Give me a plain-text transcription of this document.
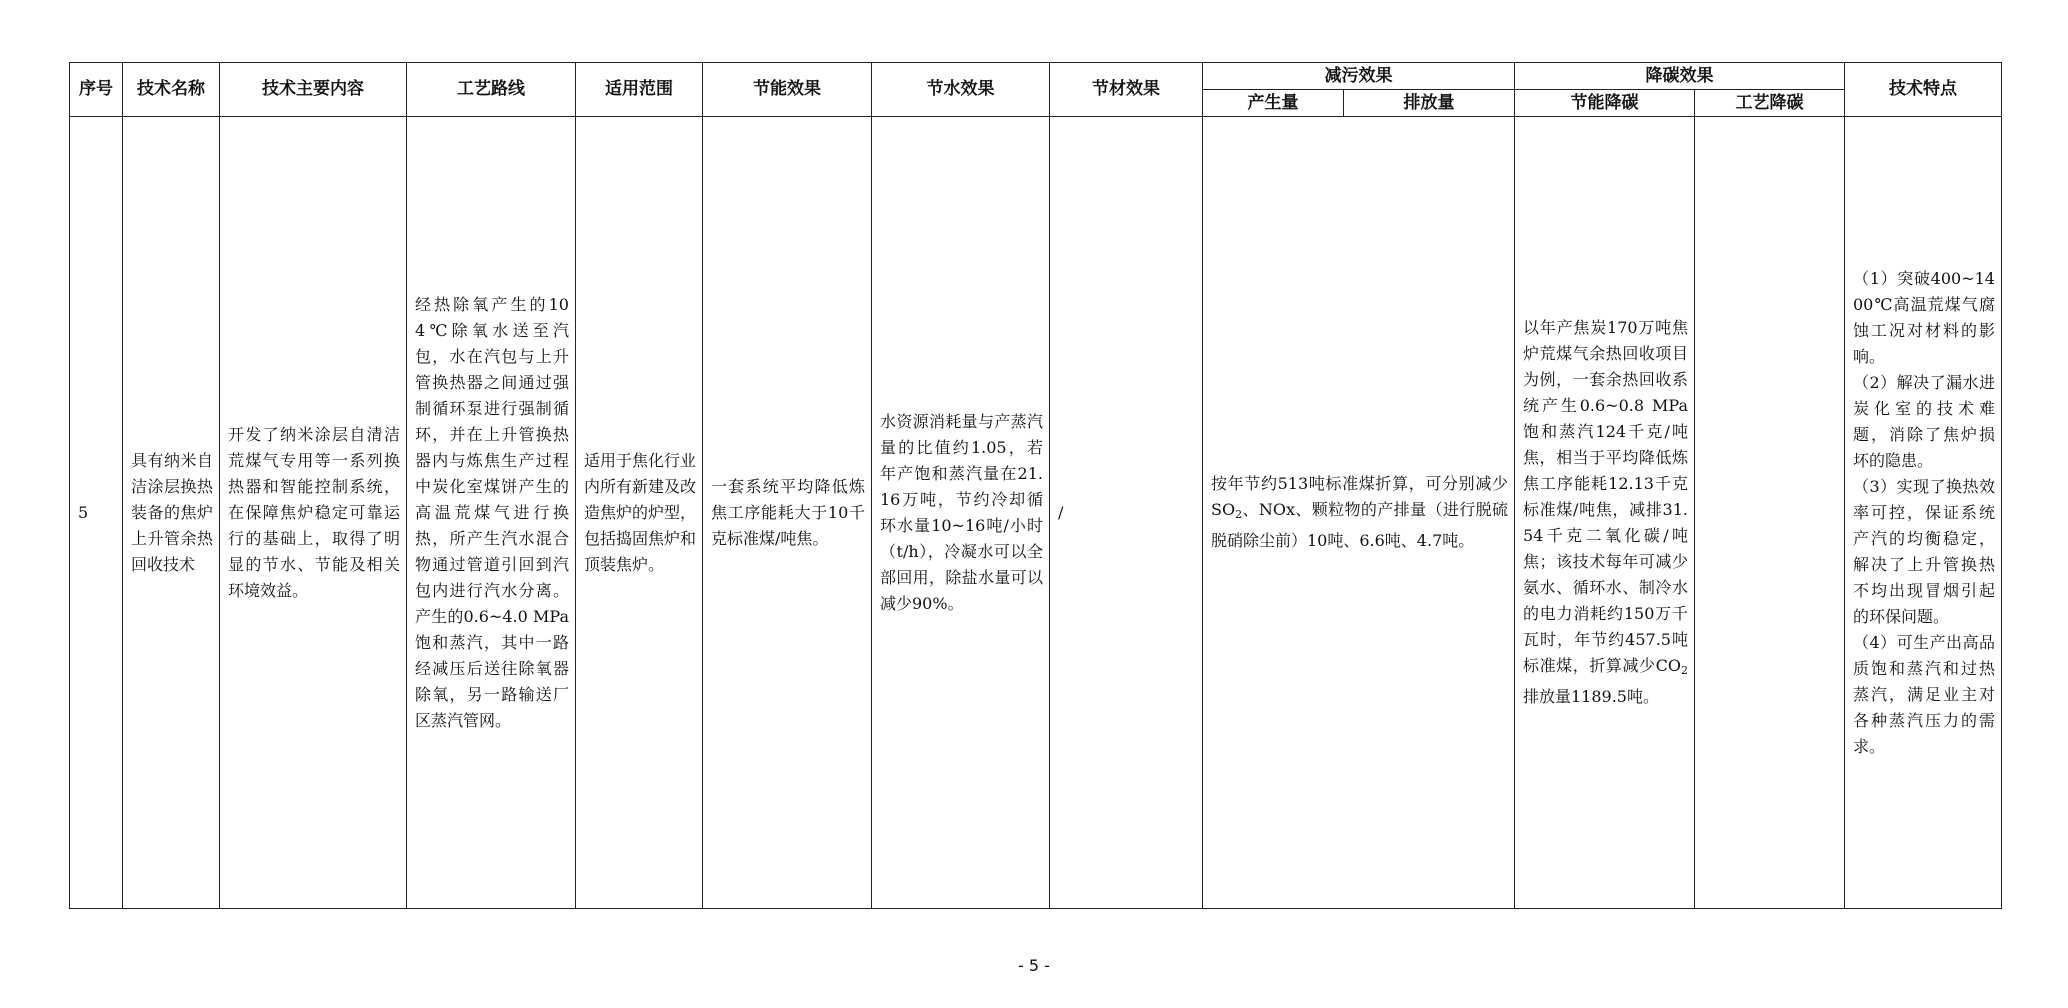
序号	技术名称	技术主要内容	工艺路线	适用范围	节能效果	节水效果	节材效果	减污效果		降碳效果		技术特点
								产生量	排放量	节能降碳	工艺降碳	
5	具有纳米自洁涂层换热装备的焦炉上升管余热回收技术	开发了纳米涂层自清洁荒煤气专用等一系列换热器和智能控制系统，在保障焦炉稳定可靠运行的基础上，取得了明显的节水、节能及相关环境效益。	经热除氧产生的104℃除氧水送至汽包，水在汽包与上升管换热器之间通过强制循环泵进行强制循环，并在上升管换热器内与炼焦生产过程中炭化室煤饼产生的高温荒煤气进行换热，所产生汽水混合物通过管道引回到汽包内进行汽水分离。产生的0.6~4.0 MPa饱和蒸汽，其中一路经减压后送往除氧器除氧，另一路输送厂区蒸汽管网。	适用于焦化行业内所有新建及改造焦炉的炉型，包括捣固焦炉和顶装焦炉。	一套系统平均降低炼焦工序能耗大于10千克标准煤/吨焦。	水资源消耗量与产蒸汽量的比值约1.05，若年产饱和蒸汽量在21.16万吨，节约冷却循环水量10~16吨/小时（t/h），冷凝水可以全部回用，除盐水量可以减少90%。	/	按年节约513吨标准煤折算，可分别减少$SO_2$、NOx、颗粒物的产排量（进行脱硫脱硝除尘前）10吨、6.6吨、4.7吨。		以年产焦炭170万吨焦炉荒煤气余热回收项目为例，一套余热回收系统产生0.6~0.8 MPa饱和蒸汽124千克/吨焦，相当于平均降低炼焦工序能耗12.13千克标准煤/吨焦，减排31.54千克二氧化碳/吨焦；该技术每年可减少氨水、循环水、制冷水的电力消耗约150万千瓦时，年节约457.5吨标准煤，折算减少$CO_2$排放量1189.5吨。		（1）突破400~1400℃高温荒煤气腐蚀工况对材料的影响。
（2）解决了漏水进炭化室的技术难题，消除了焦炉损坏的隐患。
（3）实现了换热效率可控，保证系统产汽的均衡稳定，解决了上升管换热不均出现冒烟引起的环保问题。
（4）可生产出高品质饱和蒸汽和过热蒸汽，满足业主对各种蒸汽压力的需求。
- 5 -
